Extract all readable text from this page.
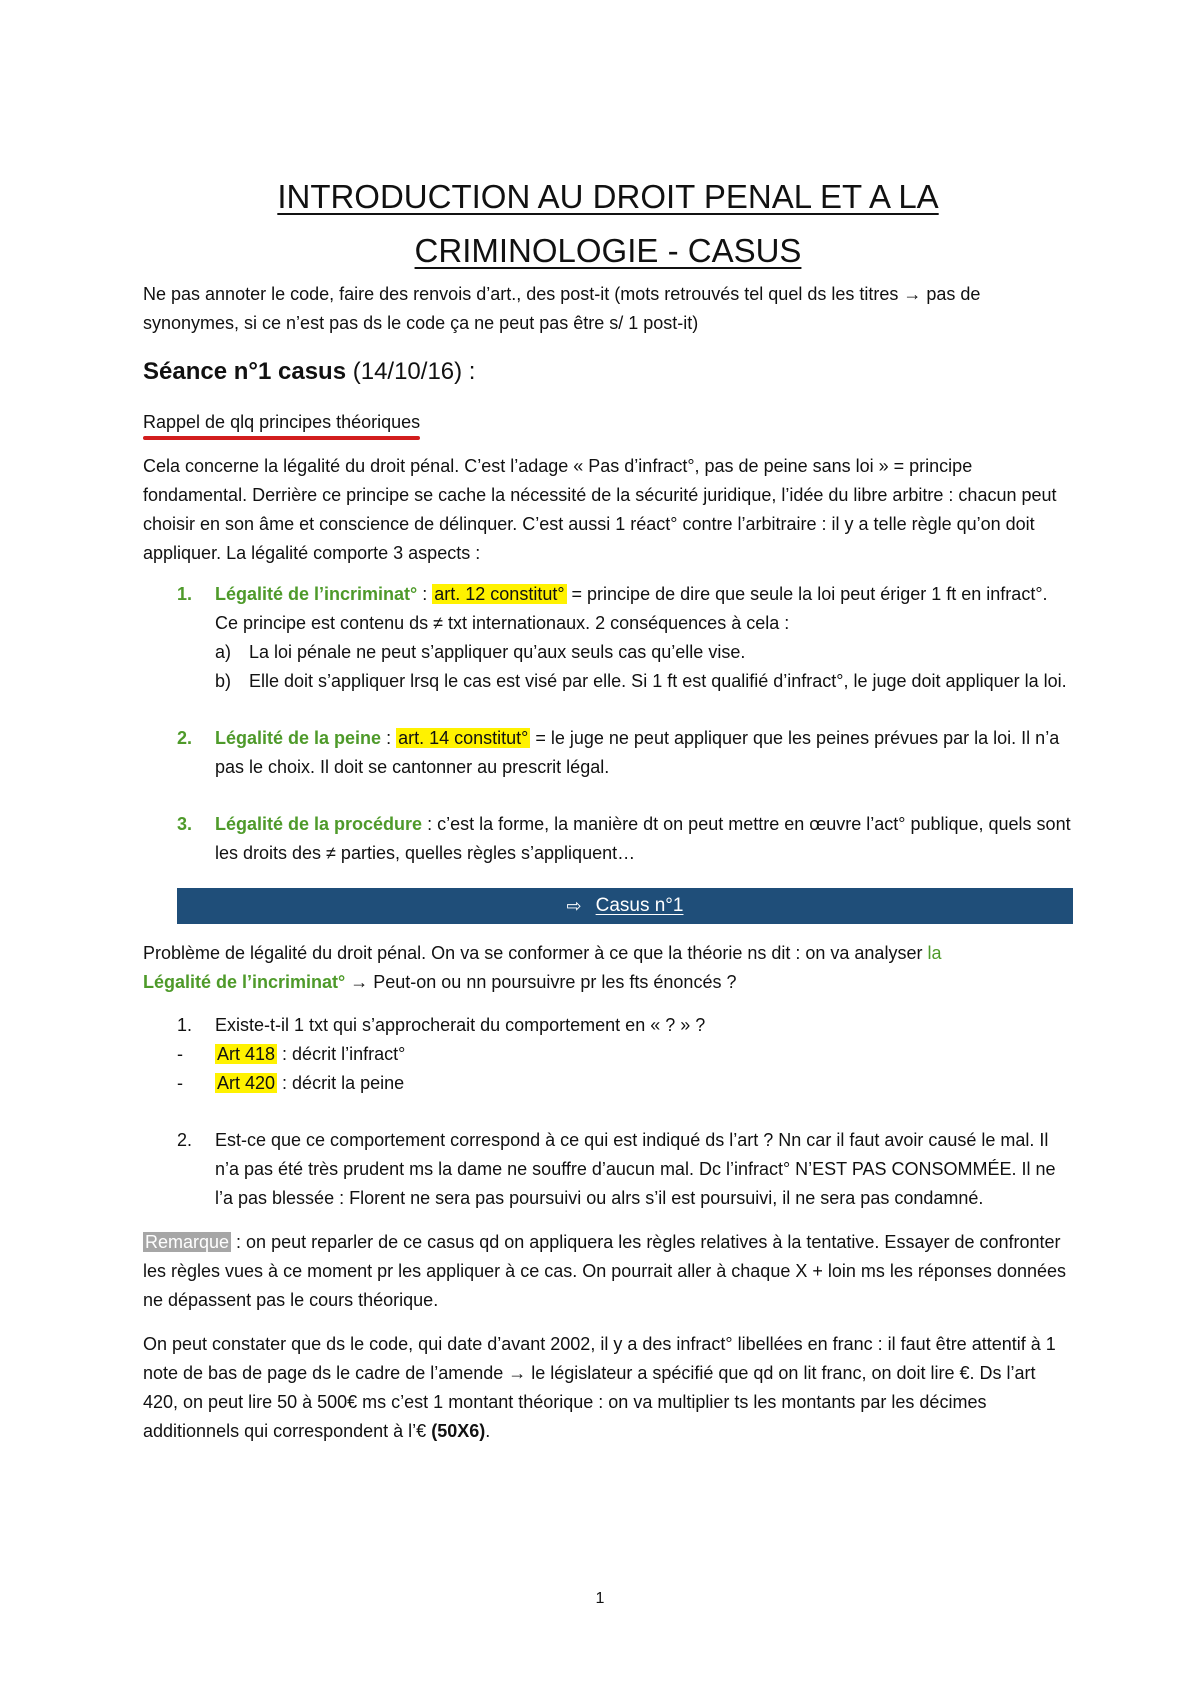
INTRODUCTION AU DROIT PENAL ET A LA
CRIMINOLOGIE - CASUS

Ne pas annoter le code, faire des renvois d’art., des post-it (mots retrouvés tel quel ds les titres → pas de synonymes, si ce n’est pas ds le code ça ne peut pas être s/ 1 post-it)

Séance n°1 casus (14/10/16) :

Rappel de qlq principes théoriques

Cela concerne la légalité du droit pénal. C’est l’adage « Pas d’infract°, pas de peine sans loi » = principe fondamental. Derrière ce principe se cache la nécessité de la sécurité juridique, l’idée du libre arbitre : chacun peut choisir en son âme et conscience de délinquer. C’est aussi 1 réact° contre l’arbitraire : il y a telle règle qu’on doit appliquer. La légalité comporte 3 aspects :

1.	Légalité de l’incriminat° : art. 12 constitut° = principe de dire que seule la loi peut ériger 1 ft en infract°. Ce principe est contenu ds ≠ txt internationaux. 2 conséquences à cela :
a) La loi pénale ne peut s’appliquer qu’aux seuls cas qu’elle vise.
b) Elle doit s’appliquer lrsq le cas est visé par elle. Si 1 ft est qualifié d’infract°, le juge doit appliquer la loi.
2.	Légalité de la peine : art. 14 constitut° = le juge ne peut appliquer que les peines prévues par la loi. Il n’a pas le choix. Il doit se cantonner au prescrit légal.
3.	Légalité de la procédure : c’est la forme, la manière dt on peut mettre en œuvre l’act° publique, quels sont les droits des ≠ parties, quelles règles s’appliquent…
⇨ Casus n°1

Problème de légalité du droit pénal. On va se conformer à ce que la théorie ns dit : on va analyser la
Légalité de l’incriminat° → Peut-on ou nn poursuivre pr les fts énoncés ?

1.	Existe-t-il 1 txt qui s’approcherait du comportement en « ? » ?
-	Art 418 : décrit l’infract°
-	Art 420 : décrit la peine
2.	Est-ce que ce comportement correspond à ce qui est indiqué ds l’art ? Nn car il faut avoir causé le mal. Il n’a pas été très prudent ms la dame ne souffre d’aucun mal. Dc l’infract° N’EST PAS CONSOMMÉE. Il ne l’a pas blessée : Florent ne sera pas poursuivi ou alrs s’il est poursuivi, il ne sera pas condamné.

Remarque : on peut reparler de ce casus qd on appliquera les règles relatives à la tentative. Essayer de confronter les règles vues à ce moment pr les appliquer à ce cas. On pourrait aller à chaque X + loin ms les réponses données ne dépassent pas le cours théorique.

On peut constater que ds le code, qui date d’avant 2002, il y a des infract° libellées en franc : il faut être attentif à 1 note de bas de page ds le cadre de l’amende → le législateur a spécifié que qd on lit franc, on doit lire €. Ds l’art 420, on peut lire 50 à 500€ ms c’est 1 montant théorique : on va multiplier ts les montants par les décimes additionnels qui correspondent à l’€ (50X6).

1
